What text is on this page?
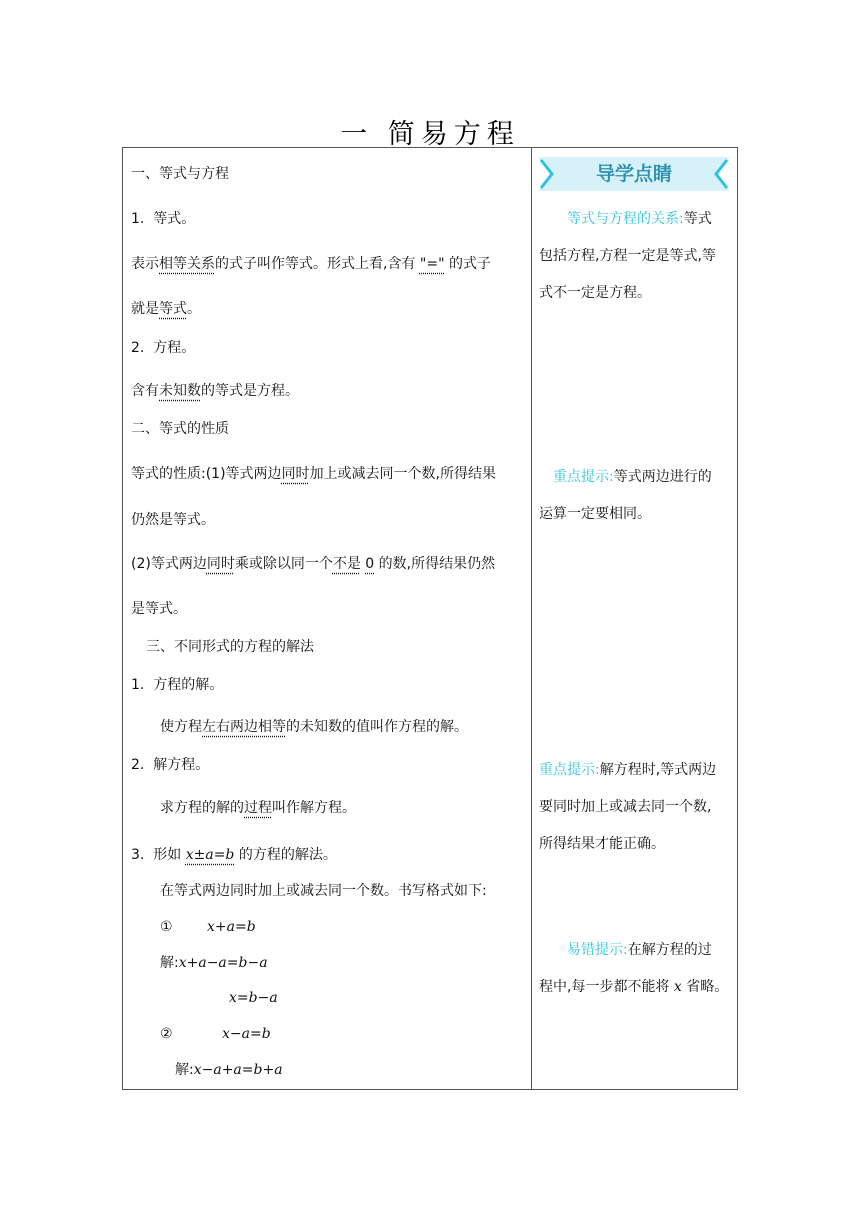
一 简易方程
一、等式与方程
1. 等式。
表示相等关系的式子叫作等式。形式上看,含有 "=" 的式子
就是等式。
2. 方程。
含有未知数的等式是方程。
二、等式的性质
等式的性质:(1)等式两边同时加上或减去同一个数,所得结果
仍然是等式。
(2)等式两边同时乘或除以同一个不是 0 的数,所得结果仍然
是等式。
三、不同形式的方程的解法
1. 方程的解。
使方程左右两边相等的未知数的值叫作方程的解。
2. 解方程。
求方程的解的过程叫作解方程。
3. 形如 x±a=b 的方程的解法。
在等式两边同时加上或减去同一个数。书写格式如下:
① x+a=b
解:x+a−a=b−a
x=b−a
②	x−a=b
解:x−a+a=b+a
导学点睛
等式与方程的关系:等式
包括方程,方程一定是等式,等
式不一定是方程。
重点提示:等式两边进行的
运算一定要相同。
重点提示:解方程时,等式两边
要同时加上或减去同一个数,
所得结果才能正确。
易错提示:在解方程的过
程中,每一步都不能将 x 省略。
